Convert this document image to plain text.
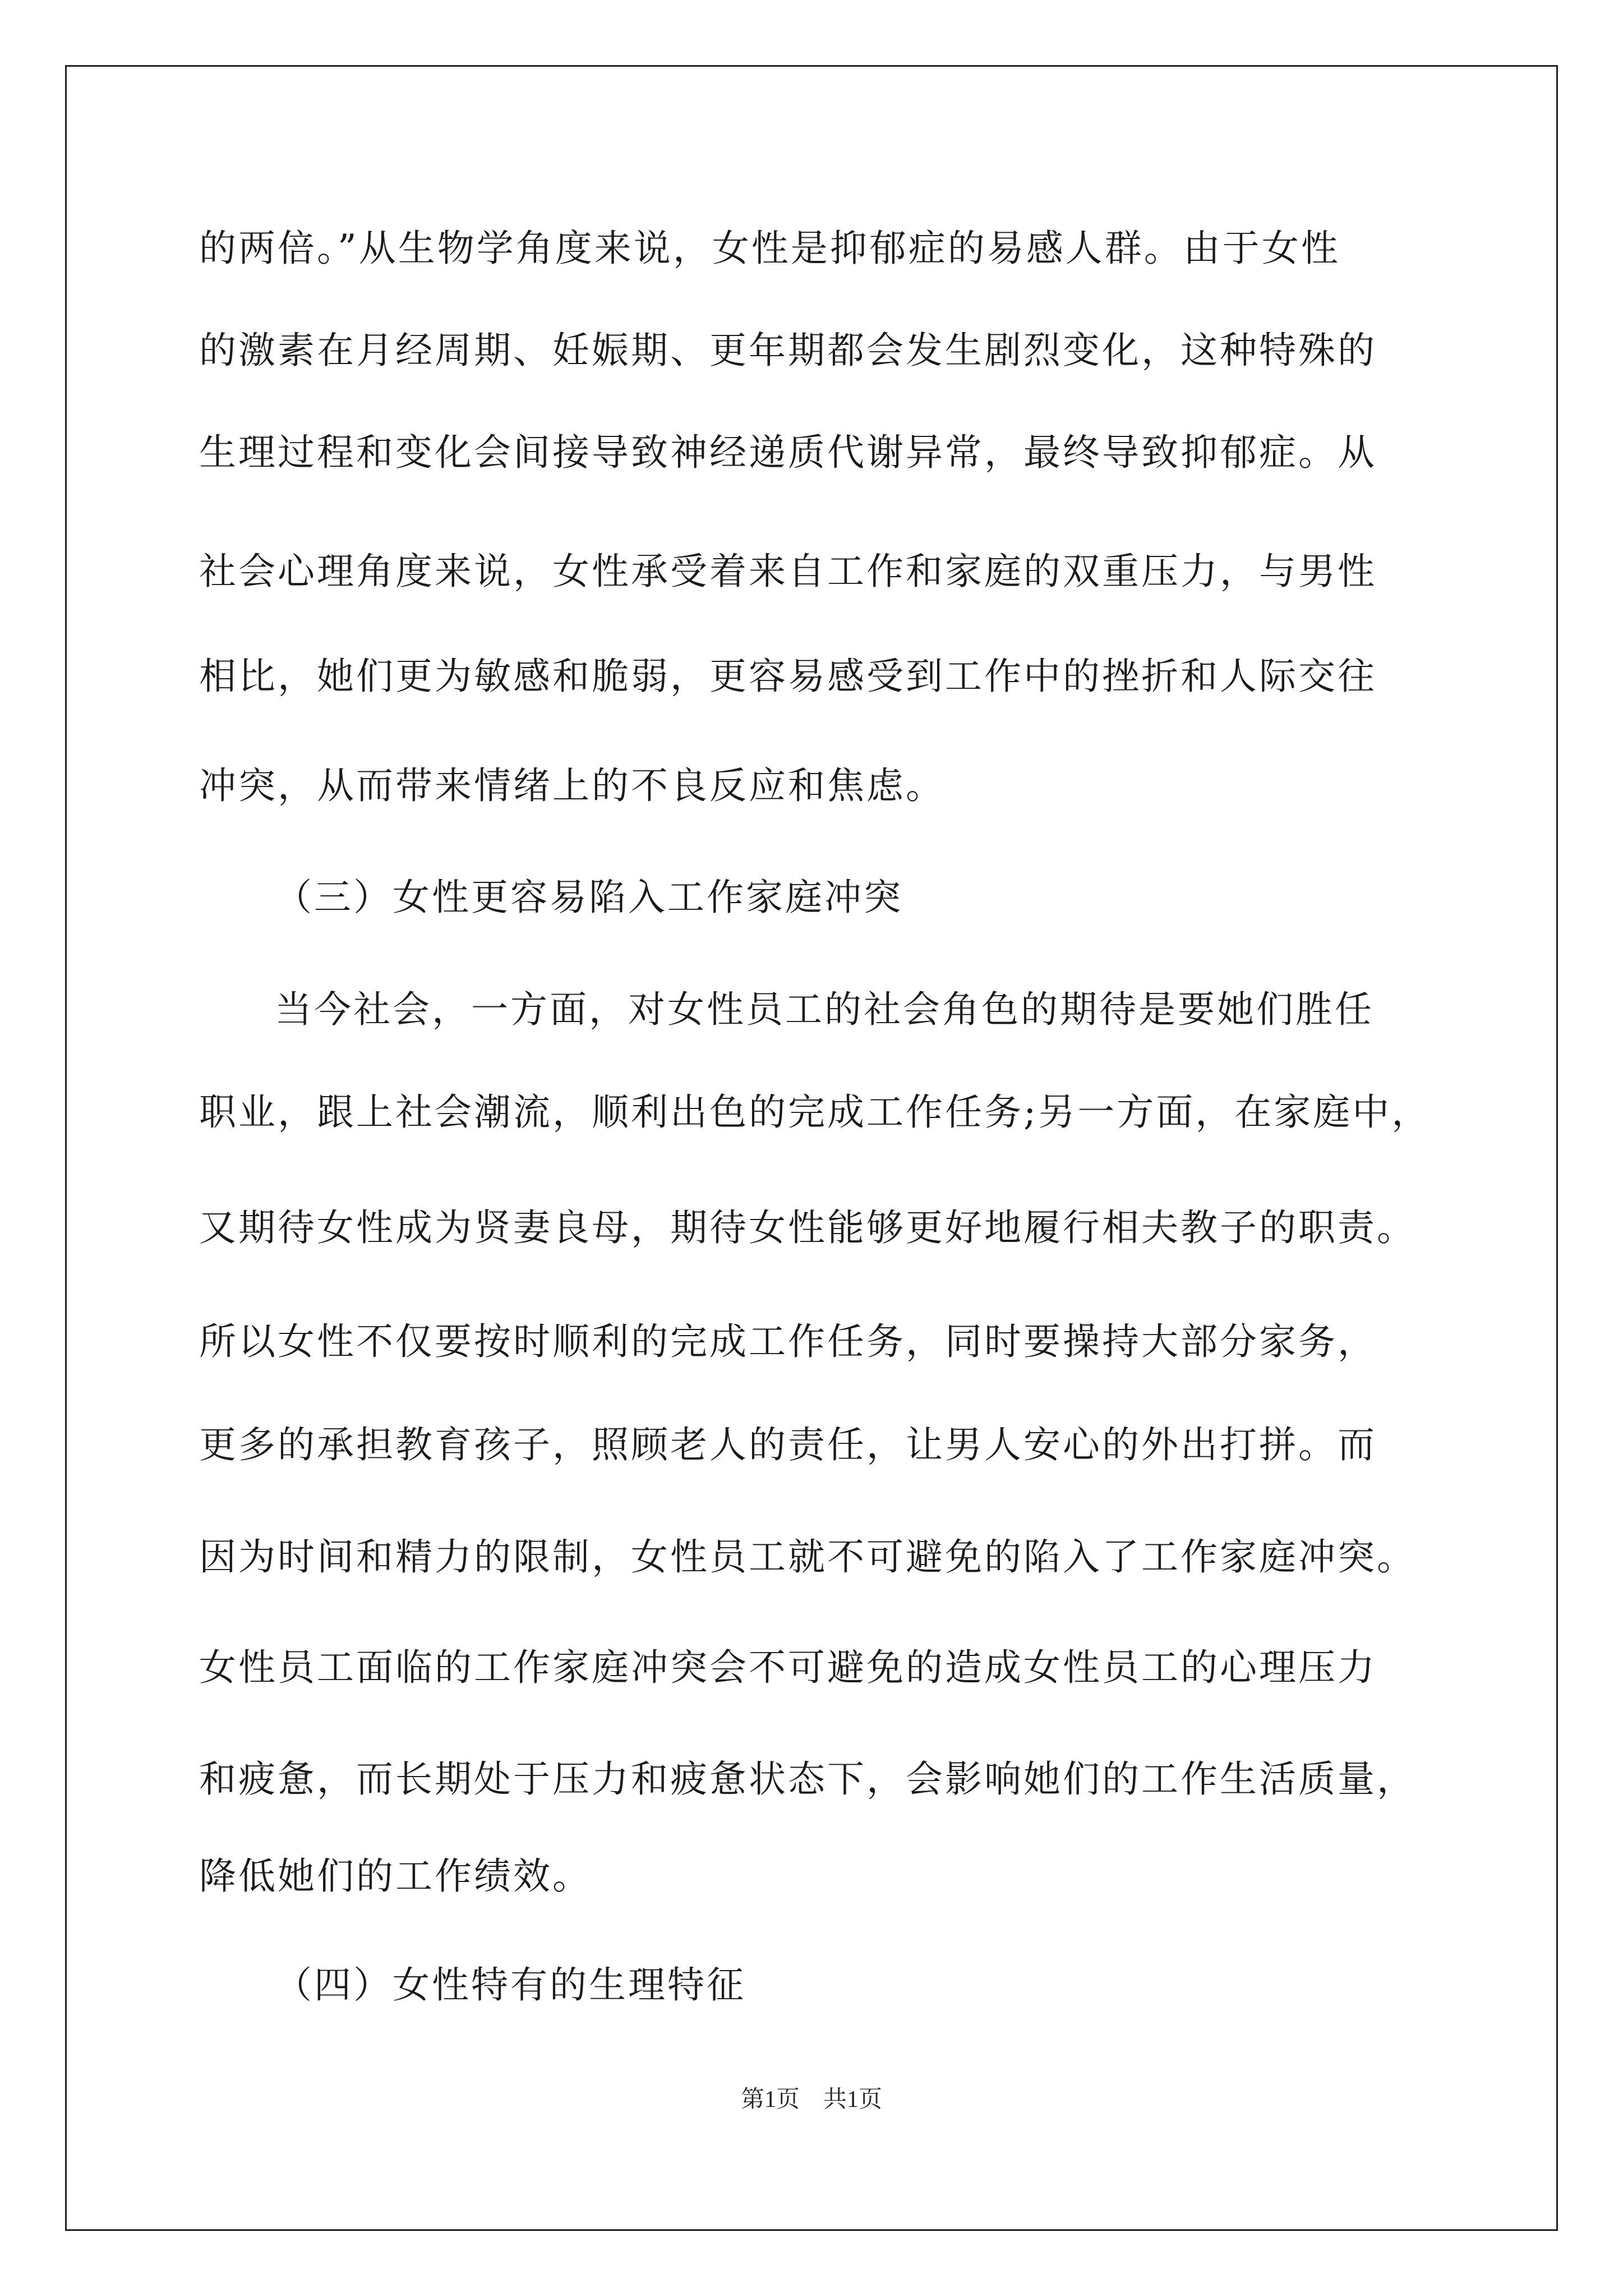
的两倍。”从生物学角度来说，女性是抑郁症的易感人群。由于女性
的激素在月经周期、妊娠期、更年期都会发生剧烈变化，这种特殊的
生理过程和变化会间接导致神经递质代谢异常，最终导致抑郁症。从
社会心理角度来说，女性承受着来自工作和家庭的双重压力，与男性
相比，她们更为敏感和脆弱，更容易感受到工作中的挫折和人际交往
冲突，从而带来情绪上的不良反应和焦虑。
（三）女性更容易陷入工作家庭冲突
当今社会，一方面，对女性员工的社会角色的期待是要她们胜任
职业，跟上社会潮流，顺利出色的完成工作任务;另一方面，在家庭中，
又期待女性成为贤妻良母，期待女性能够更好地履行相夫教子的职责。
所以女性不仅要按时顺利的完成工作任务，同时要操持大部分家务，
更多的承担教育孩子，照顾老人的责任，让男人安心的外出打拼。而
因为时间和精力的限制，女性员工就不可避免的陷入了工作家庭冲突。
女性员工面临的工作家庭冲突会不可避免的造成女性员工的心理压力
和疲惫，而长期处于压力和疲惫状态下，会影响她们的工作生活质量，
降低她们的工作绩效。
（四）女性特有的生理特征
第1页　共1页
